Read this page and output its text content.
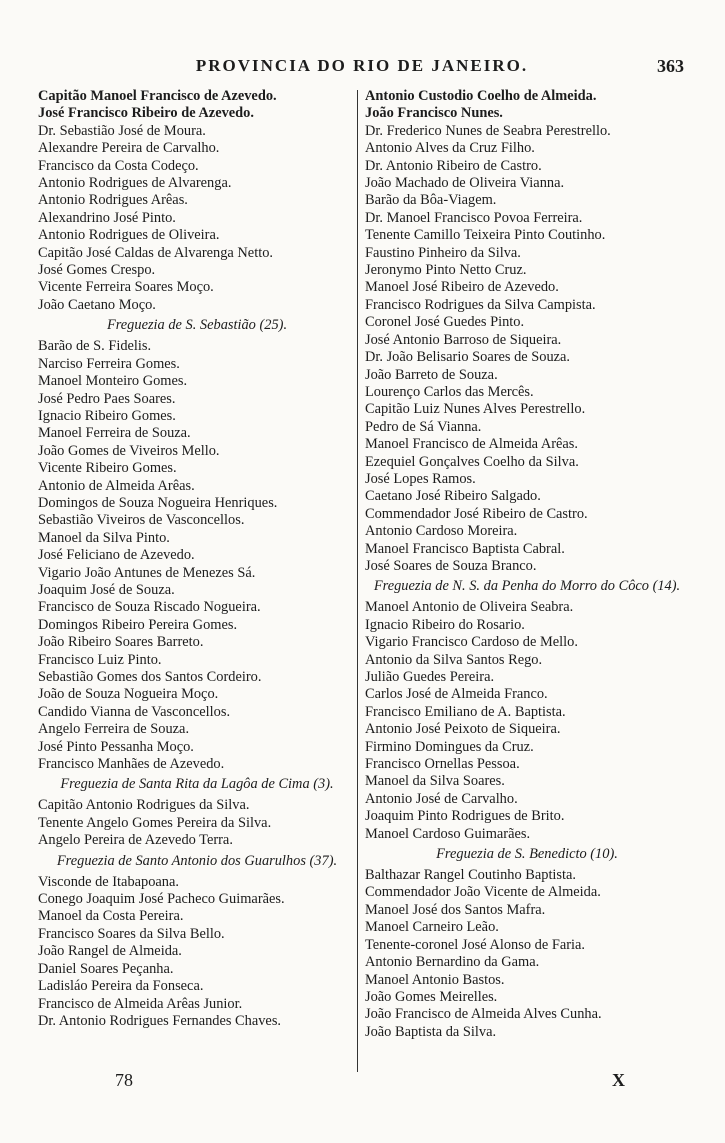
PROVINCIA DO RIO DE JANEIRO.	363
Capitão Manoel Francisco de Azevedo.
José Francisco Ribeiro de Azevedo.
Dr. Sebastião José de Moura.
Alexandre Pereira de Carvalho.
Francisco da Costa Codeço.
Antonio Rodrigues de Alvarenga.
Antonio Rodrigues Arêas.
Alexandrino José Pinto.
Antonio Rodrigues de Oliveira.
Capitão José Caldas de Alvarenga Netto.
José Gomes Crespo.
Vicente Ferreira Soares Moço.
João Caetano Moço.
Freguezia de S. Sebastião (25).
Barão de S. Fidelis.
Narciso Ferreira Gomes.
Manoel Monteiro Gomes.
José Pedro Paes Soares.
Ignacio Ribeiro Gomes.
Manoel Ferreira de Souza.
João Gomes de Viveiros Mello.
Vicente Ribeiro Gomes.
Antonio de Almeida Arêas.
Domingos de Souza Nogueira Henriques.
Sebastião Viveiros de Vasconcellos.
Manoel da Silva Pinto.
José Feliciano de Azevedo.
Vigario João Antunes de Menezes Sá.
Joaquim José de Souza.
Francisco de Souza Riscado Nogueira.
Domingos Ribeiro Pereira Gomes.
João Ribeiro Soares Barreto.
Francisco Luiz Pinto.
Sebastião Gomes dos Santos Cordeiro.
João de Souza Nogueira Moço.
Candido Vianna de Vasconcellos.
Angelo Ferreira de Souza.
José Pinto Pessanha Moço.
Francisco Manhães de Azevedo.
Freguezia de Santa Rita da Lagôa de Cima (3).
Capitão Antonio Rodrigues da Silva.
Tenente Angelo Gomes Pereira da Silva.
Angelo Pereira de Azevedo Terra.
Freguezia de Santo Antonio dos Guarulhos (37).
Visconde de Itabapoana.
Conego Joaquim José Pacheco Guimarães.
Manoel da Costa Pereira.
Francisco Soares da Silva Bello.
João Rangel de Almeida.
Daniel Soares Peçanha.
Ladisláo Pereira da Fonseca.
Francisco de Almeida Arêas Junior.
Dr. Antonio Rodrigues Fernandes Chaves.
Antonio Custodio Coelho de Almeida.
João Francisco Nunes.
Dr. Frederico Nunes de Seabra Perestrello.
Antonio Alves da Cruz Filho.
Dr. Antonio Ribeiro de Castro.
João Machado de Oliveira Vianna.
Barão da Bôa-Viagem.
Dr. Manoel Francisco Povoa Ferreira.
Tenente Camillo Teixeira Pinto Coutinho.
Faustino Pinheiro da Silva.
Jeronymo Pinto Netto Cruz.
Manoel José Ribeiro de Azevedo.
Francisco Rodrigues da Silva Campista.
Coronel José Guedes Pinto.
José Antonio Barroso de Siqueira.
Dr. João Belisario Soares de Souza.
João Barreto de Souza.
Lourenço Carlos das Mercês.
Capitão Luiz Nunes Alves Perestrello.
Pedro de Sá Vianna.
Manoel Francisco de Almeida Arêas.
Ezequiel Gonçalves Coelho da Silva.
José Lopes Ramos.
Caetano José Ribeiro Salgado.
Commendador José Ribeiro de Castro.
Antonio Cardoso Moreira.
Manoel Francisco Baptista Cabral.
José Soares de Souza Branco.
Freguezia de N. S. da Penha do Morro do Côco (14).
Manoel Antonio de Oliveira Seabra.
Ignacio Ribeiro do Rosario.
Vigario Francisco Cardoso de Mello.
Antonio da Silva Santos Rego.
Julião Guedes Pereira.
Carlos José de Almeida Franco.
Francisco Emiliano de A. Baptista.
Antonio José Peixoto de Siqueira.
Firmino Domingues da Cruz.
Francisco Ornellas Pessoa.
Manoel da Silva Soares.
Antonio José de Carvalho.
Joaquim Pinto Rodrigues de Brito.
Manoel Cardoso Guimarães.
Freguezia de S. Benedicto (10).
Balthazar Rangel Coutinho Baptista.
Commendador João Vicente de Almeida.
Manoel José dos Santos Mafra.
Manoel Carneiro Leão.
Tenente-coronel José Alonso de Faria.
Antonio Bernardino da Gama.
Manoel Antonio Bastos.
João Gomes Meirelles.
João Francisco de Almeida Alves Cunha.
João Baptista da Silva.
78	X
